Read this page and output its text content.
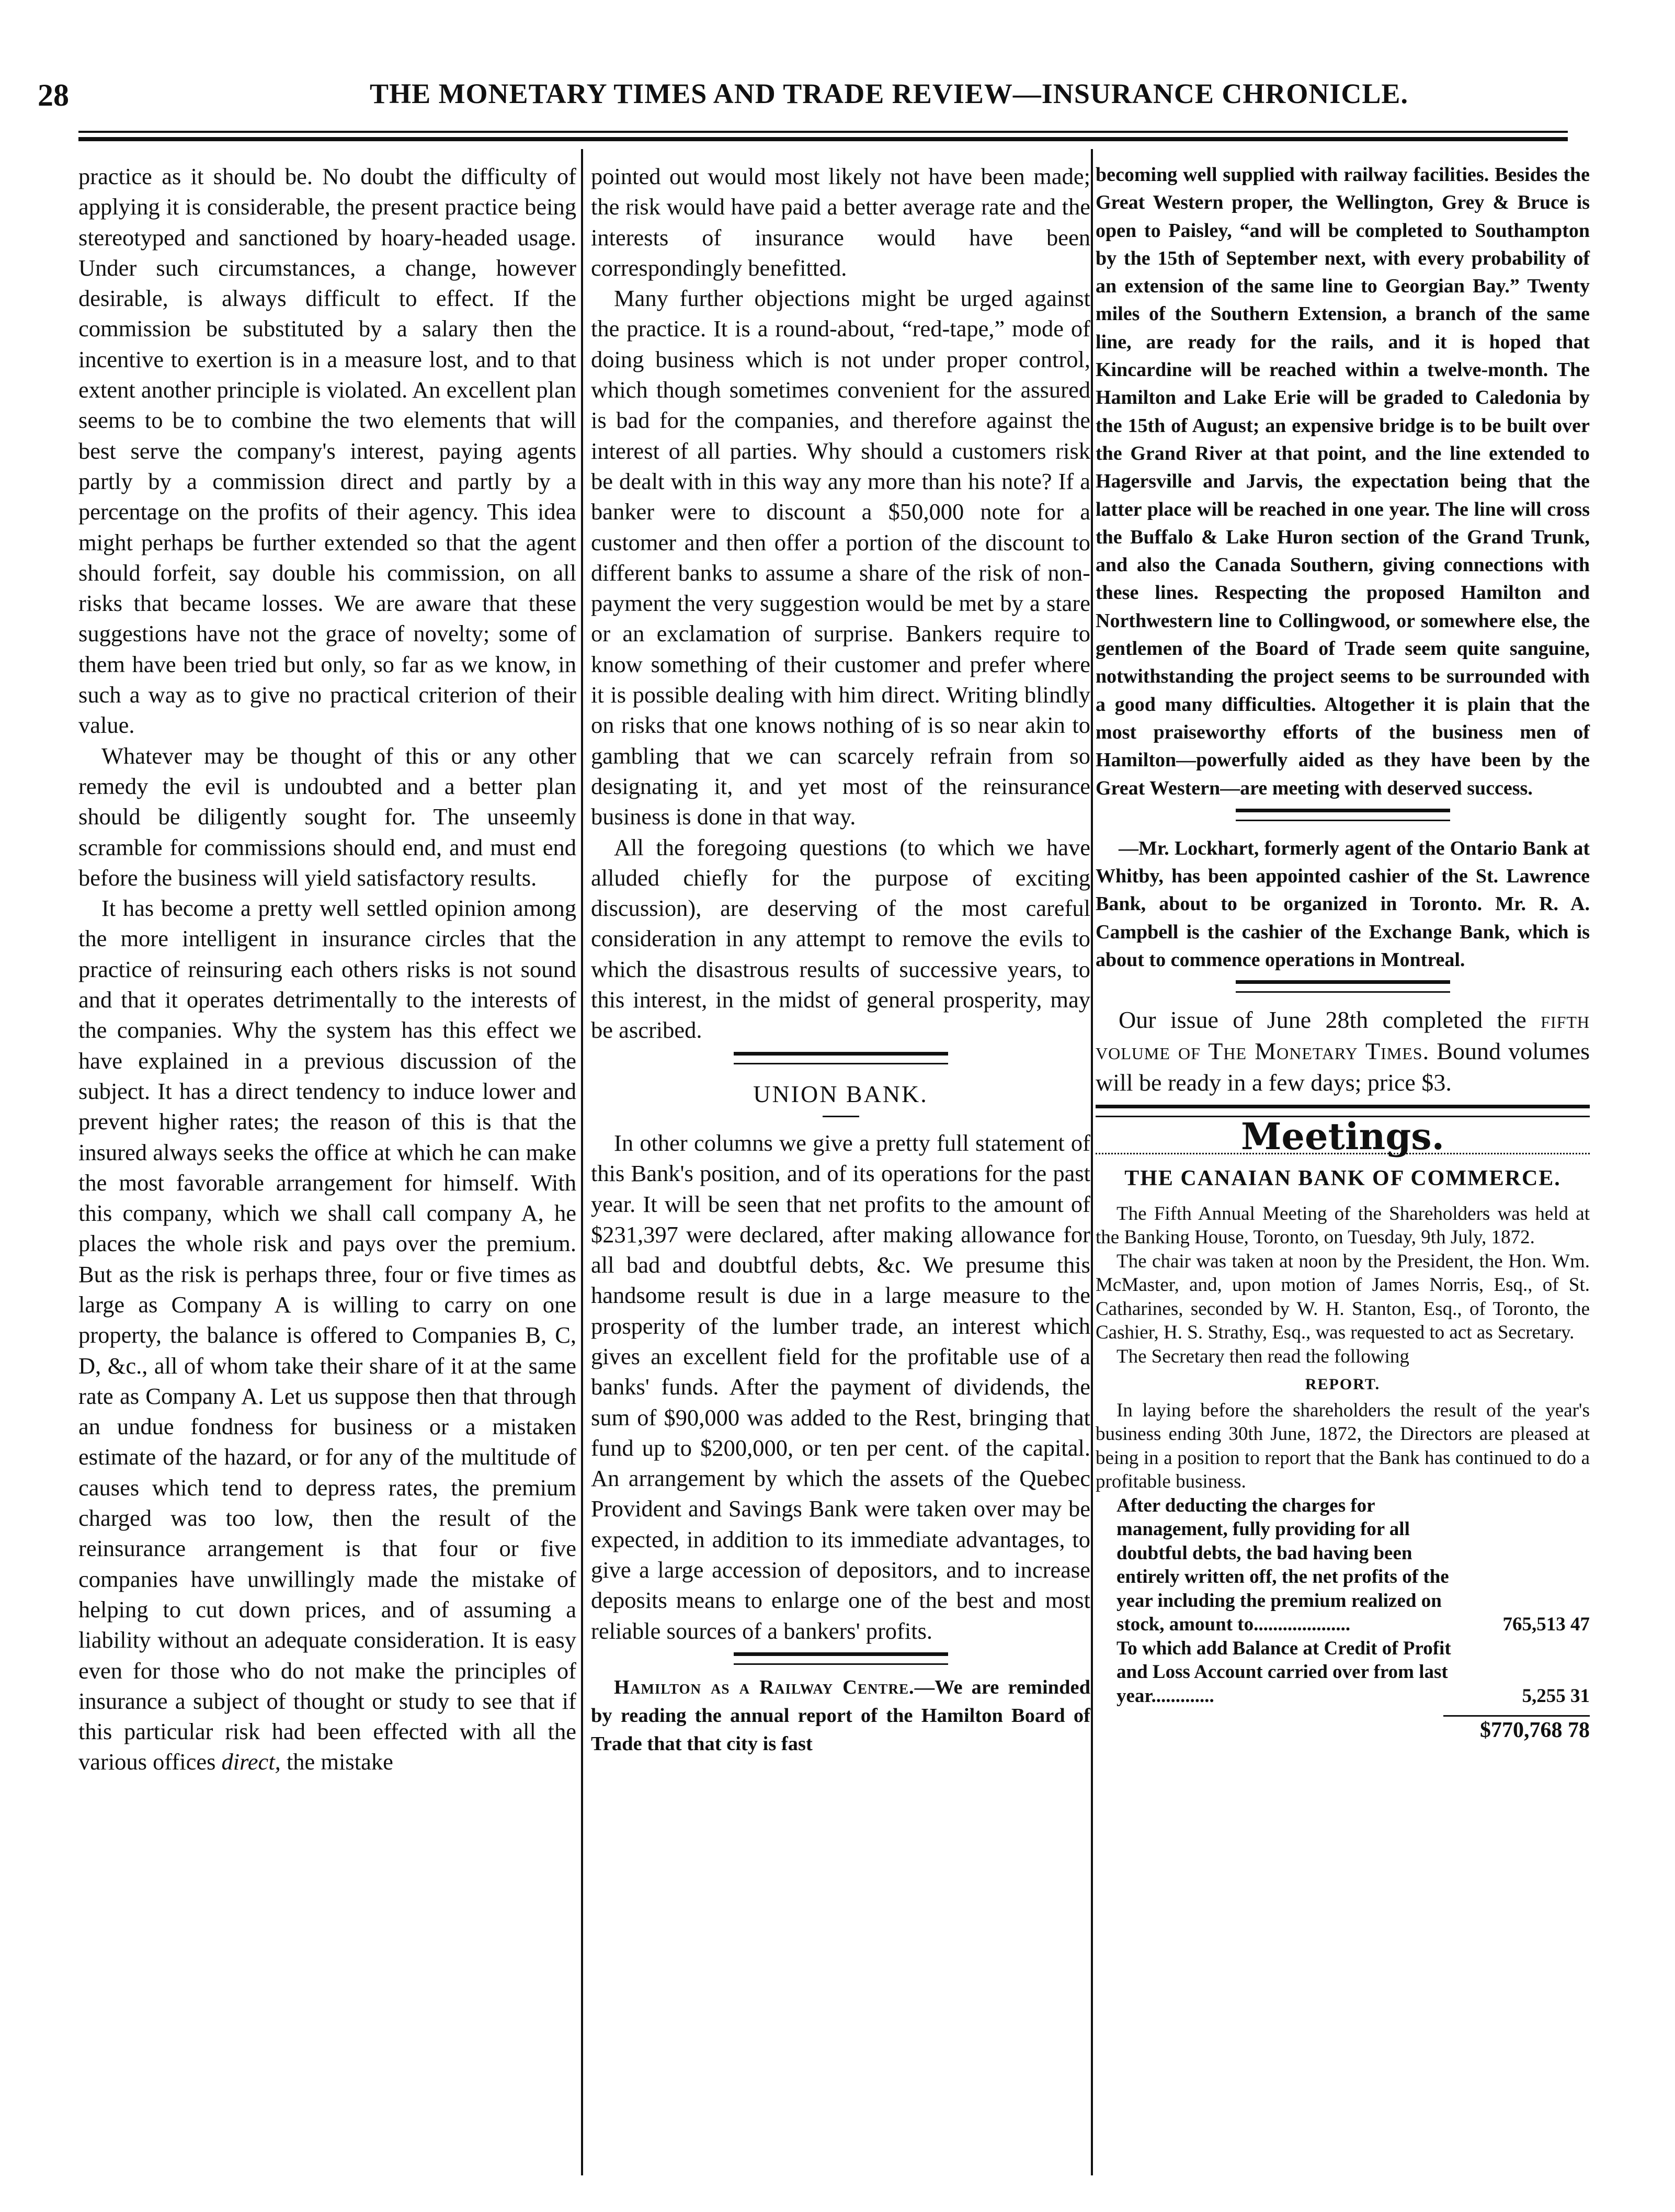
28	THE MONETARY TIMES AND TRADE REVIEW—INSURANCE CHRONICLE.

practice as it should be. No doubt the difficulty of applying it is considerable, the present practice being stereotyped and sanctioned by hoary-headed usage. Under such circumstances, a change, however desirable, is always difficult to effect. If the commission be substituted by a salary then the incentive to exertion is in a measure lost, and to that extent another principle is violated. An excellent plan seems to be to combine the two elements that will best serve the company's interest, paying agents partly by a commission direct and partly by a percentage on the profits of their agency. This idea might perhaps be further extended so that the agent should forfeit, say double his commission, on all risks that became losses. We are aware that these suggestions have not the grace of novelty; some of them have been tried but only, so far as we know, in such a way as to give no practical criterion of their value.

Whatever may be thought of this or any other remedy the evil is undoubted and a better plan should be diligently sought for. The unseemly scramble for commissions should end, and must end before the business will yield satisfactory results.

It has become a pretty well settled opinion among the more intelligent in insurance circles that the practice of reinsuring each others risks is not sound and that it operates detrimentally to the interests of the companies. Why the system has this effect we have explained in a previous discussion of the subject. It has a direct tendency to induce lower and prevent higher rates; the reason of this is that the insured always seeks the office at which he can make the most favorable arrangement for himself. With this company, which we shall call company A, he places the whole risk and pays over the premium. But as the risk is perhaps three, four or five times as large as Company A is willing to carry on one property, the balance is offered to Companies B, C, D, &c., all of whom take their share of it at the same rate as Company A. Let us suppose then that through an undue fondness for business or a mistaken estimate of the hazard, or for any of the multitude of causes which tend to depress rates, the premium charged was too low, then the result of the reinsurance arrangement is that four or five companies have unwillingly made the mistake of helping to cut down prices, and of assuming a liability without an adequate consideration. It is easy even for those who do not make the principles of insurance a subject of thought or study to see that if this particular risk had been effected with all the various offices direct, the mistake

pointed out would most likely not have been made; the risk would have paid a better average rate and the interests of insurance would have been correspondingly benefitted.

Many further objections might be urged against the practice. It is a round-about, “red-tape,” mode of doing business which is not under proper control, which though sometimes convenient for the assured is bad for the companies, and therefore against the interest of all parties. Why should a customers risk be dealt with in this way any more than his note? If a banker were to discount a $50,000 note for a customer and then offer a portion of the discount to different banks to assume a share of the risk of non-payment the very suggestion would be met by a stare or an exclamation of surprise. Bankers require to know something of their customer and prefer where it is possible dealing with him direct. Writing blindly on risks that one knows nothing of is so near akin to gambling that we can scarcely refrain from so designating it, and yet most of the reinsurance business is done in that way.

All the foregoing questions (to which we have alluded chiefly for the purpose of exciting discussion), are deserving of the most careful consideration in any attempt to remove the evils to which the disastrous results of successive years, to this interest, in the midst of general prosperity, may be ascribed.

UNION BANK.

In other columns we give a pretty full statement of this Bank's position, and of its operations for the past year. It will be seen that net profits to the amount of $231,397 were declared, after making allowance for all bad and doubtful debts, &c. We presume this handsome result is due in a large measure to the prosperity of the lumber trade, an interest which gives an excellent field for the profitable use of a banks' funds. After the payment of dividends, the sum of $90,000 was added to the Rest, bringing that fund up to $200,000, or ten per cent. of the capital. An arrangement by which the assets of the Quebec Provident and Savings Bank were taken over may be expected, in addition to its immediate advantages, to give a large accession of depositors, and to increase deposits means to enlarge one of the best and most reliable sources of a bankers' profits.

Hamilton as a Railway Centre.—We are reminded by reading the annual report of the Hamilton Board of Trade that that city is fast

becoming well supplied with railway facilities. Besides the Great Western proper, the Wellington, Grey & Bruce is open to Paisley, “and will be completed to Southampton by the 15th of September next, with every probability of an extension of the same line to Georgian Bay.” Twenty miles of the Southern Extension, a branch of the same line, are ready for the rails, and it is hoped that Kincardine will be reached within a twelve-month. The Hamilton and Lake Erie will be graded to Caledonia by the 15th of August; an expensive bridge is to be built over the Grand River at that point, and the line extended to Hagersville and Jarvis, the expectation being that the latter place will be reached in one year. The line will cross the Buffalo & Lake Huron section of the Grand Trunk, and also the Canada Southern, giving connections with these lines. Respecting the proposed Hamilton and Northwestern line to Collingwood, or somewhere else, the gentlemen of the Board of Trade seem quite sanguine, notwithstanding the project seems to be surrounded with a good many difficulties. Altogether it is plain that the most praiseworthy efforts of the business men of Hamilton—powerfully aided as they have been by the Great Western—are meeting with deserved success.

—Mr. Lockhart, formerly agent of the Ontario Bank at Whitby, has been appointed cashier of the St. Lawrence Bank, about to be organized in Toronto. Mr. R. A. Campbell is the cashier of the Exchange Bank, which is about to commence operations in Montreal.

Our issue of June 28th completed the fifth volume of The Monetary Times. Bound volumes will be ready in a few days; price $3.

Meetings.
THE CANAIAN BANK OF COMMERCE.

The Fifth Annual Meeting of the Shareholders was held at the Banking House, Toronto, on Tuesday, 9th July, 1872.

The chair was taken at noon by the President, the Hon. Wm. McMaster, and, upon motion of James Norris, Esq., of St. Catharines, seconded by W. H. Stanton, Esq., of Toronto, the Cashier, H. S. Strathy, Esq., was requested to act as Secretary.

The Secretary then read the following

REPORT.

In laying before the shareholders the result of the year's business ending 30th June, 1872, the Directors are pleased at being in a position to report that the Bank has continued to do a profitable business.

After deducting the charges for management, fully providing for all doubtful debts, the bad having been entirely written off, the net profits of the year including the premium realized on stock, amount to....................	765,513 47
To which add Balance at Credit of Profit and Loss Account carried over from last year.............	5,255 31
$770,768 78
